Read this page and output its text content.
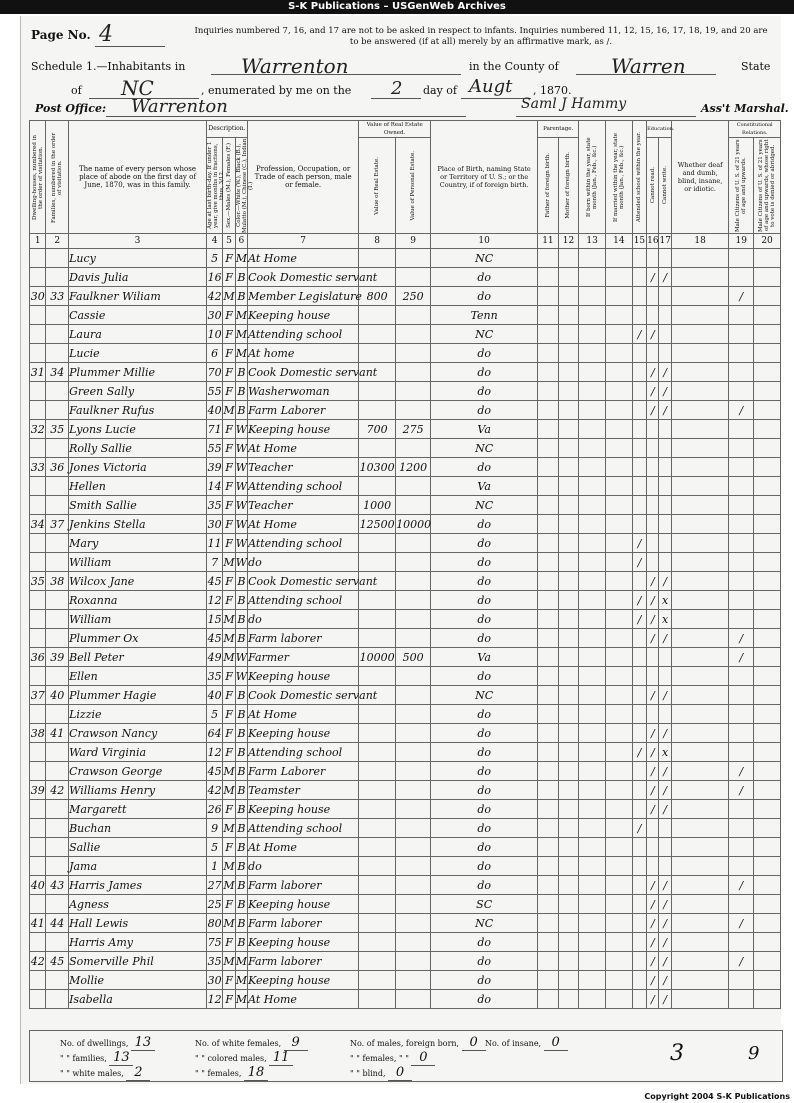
S-K Publications – USGenWeb Archives
Page No. 4	Inquiries numbered 7, 16, and 17 are not to be asked in respect to infants. Inquiries numbered 11, 12, 15, 16, 17, 18, 19, and 20 are to be answered (if at all) merely by an affirmative mark, as /.
Schedule 1.—Inhabitants in	Warrenton	in the County of	Warren	State
of NC	, enumerated by me on the 2 day of Augt , 1870.
Post Office: Warrenton	Saml J Hammy	Ass't Marshal.
Dwelling-houses, numbered in the order of visitation.	Families, numbered in the order of visitation.	The name of every person whose place of abode on the first day of June, 1870, was in this family.	Description.			Profession, Occupation, or Trade of each person, male or female.	Value of Real Estate Owned.		Place of Birth, naming State or Territory of U. S.; or the Country, if of foreign birth.	Parentage.		If born within the year, state month (Jan., Feb., &c.)	If married within the year, state month (Jan., Feb., &c.)	Attended school within the year.	Education.		Whether deaf and dumb, blind, insane, or idiotic.	Constitutional Relations.	

			Age at last birth-day. If under 1 year, give months in fractions, thus, 3/12.	Sex.—Males (M.), Females (F.)	Color.—White (W.), Black (B.), Mulatto (M.), Chinese (C.), Indian (I.)		Value of Real Estate.	Value of Personal Estate.		Father of foreign birth.	Mother of foreign birth.				Cannot read.	Cannot write.		Male Citizens of U. S. of 21 years of age and upwards.	Male Citizens of U. S. of 21 years of age and upwards, whose right to vote is denied or abridged.

1	2	3	4	5	6	7	8	9	10	11	12	13	14	15	16	17	18	19	20
		Lucy	5	F	M	At Home			NC										
		Davis Julia	16	F	B	Cook Domestic servant			do						/	/			
30	33	Faulkner Wiliam	42	M	B	Member Legislature	800	250	do									/	
		Cassie	30	F	M	Keeping house			Tenn										
		Laura	10	F	M	Attending school			NC					/	/				
		Lucie	6	F	M	At home			do										
31	34	Plummer Millie	70	F	B	Cook Domestic servant			do						/	/			
		Green Sally	55	F	B	Washerwoman			do						/	/			
		Faulkner Rufus	40	M	B	Farm Laborer			do						/	/		/	
32	35	Lyons Lucie	71	F	W	Keeping house	700	275	Va										
		Rolly Sallie	55	F	W	At Home			NC										
33	36	Jones Victoria	39	F	W	Teacher	10300	1200	do										
		Hellen	14	F	W	Attending school			Va										
		Smith Sallie	35	F	W	Teacher	1000		NC										
34	37	Jenkins Stella	30	F	W	At Home	12500	10000	do										
		Mary	11	F	W	Attending school			do					/					
		William	7	M	W	do			do					/					
35	38	Wilcox Jane	45	F	B	Cook Domestic servant			do						/	/			
		Roxanna	12	F	B	Attending school			do					/	/	x			
		William	15	M	B	do			do					/	/	x			
		Plummer Ox	45	M	B	Farm laborer			do						/	/		/	
36	39	Bell Peter	49	M	W	Farmer	10000	500	Va									/	
		Ellen	35	F	W	Keeping house			do										
37	40	Plummer Hagie	40	F	B	Cook Domestic servant			NC						/	/			
		Lizzie	5	F	B	At Home			do										
38	41	Crawson Nancy	64	F	B	Keeping house			do						/	/			
		Ward Virginia	12	F	B	Attending school			do					/	/	x			
		Crawson George	45	M	B	Farm Laborer			do						/	/		/	
39	42	Williams Henry	42	M	B	Teamster			do						/	/		/	
		Margarett	26	F	B	Keeping house			do						/	/			
		Buchan	9	M	B	Attending school			do					/					
		Sallie	5	F	B	At Home			do										
		Jama	1	M	B	do			do										
40	43	Harris James	27	M	B	Farm laborer			do						/	/		/	
		Agness	25	F	B	Keeping house			SC						/	/			
41	44	Hall Lewis	80	M	B	Farm laborer			NC						/	/		/	
		Harris Amy	75	F	B	Keeping house			do						/	/			
42	45	Somerville Phil	35	M	M	Farm laborer			do						/	/		/	
		Mollie	30	F	M	Keeping house			do						/	/			
		Isabella	12	F	M	At Home			do						/	/			
No. of dwellings, 13
" " families, 13
" " white males, 2
No. of white females, 9
" " colored males, 11
" " females, 18
No. of males, foreign born, 0
" " females, " " 0
" " blind, 0
No. of insane, 0	3	9
Copyright 2004 S-K Publications
